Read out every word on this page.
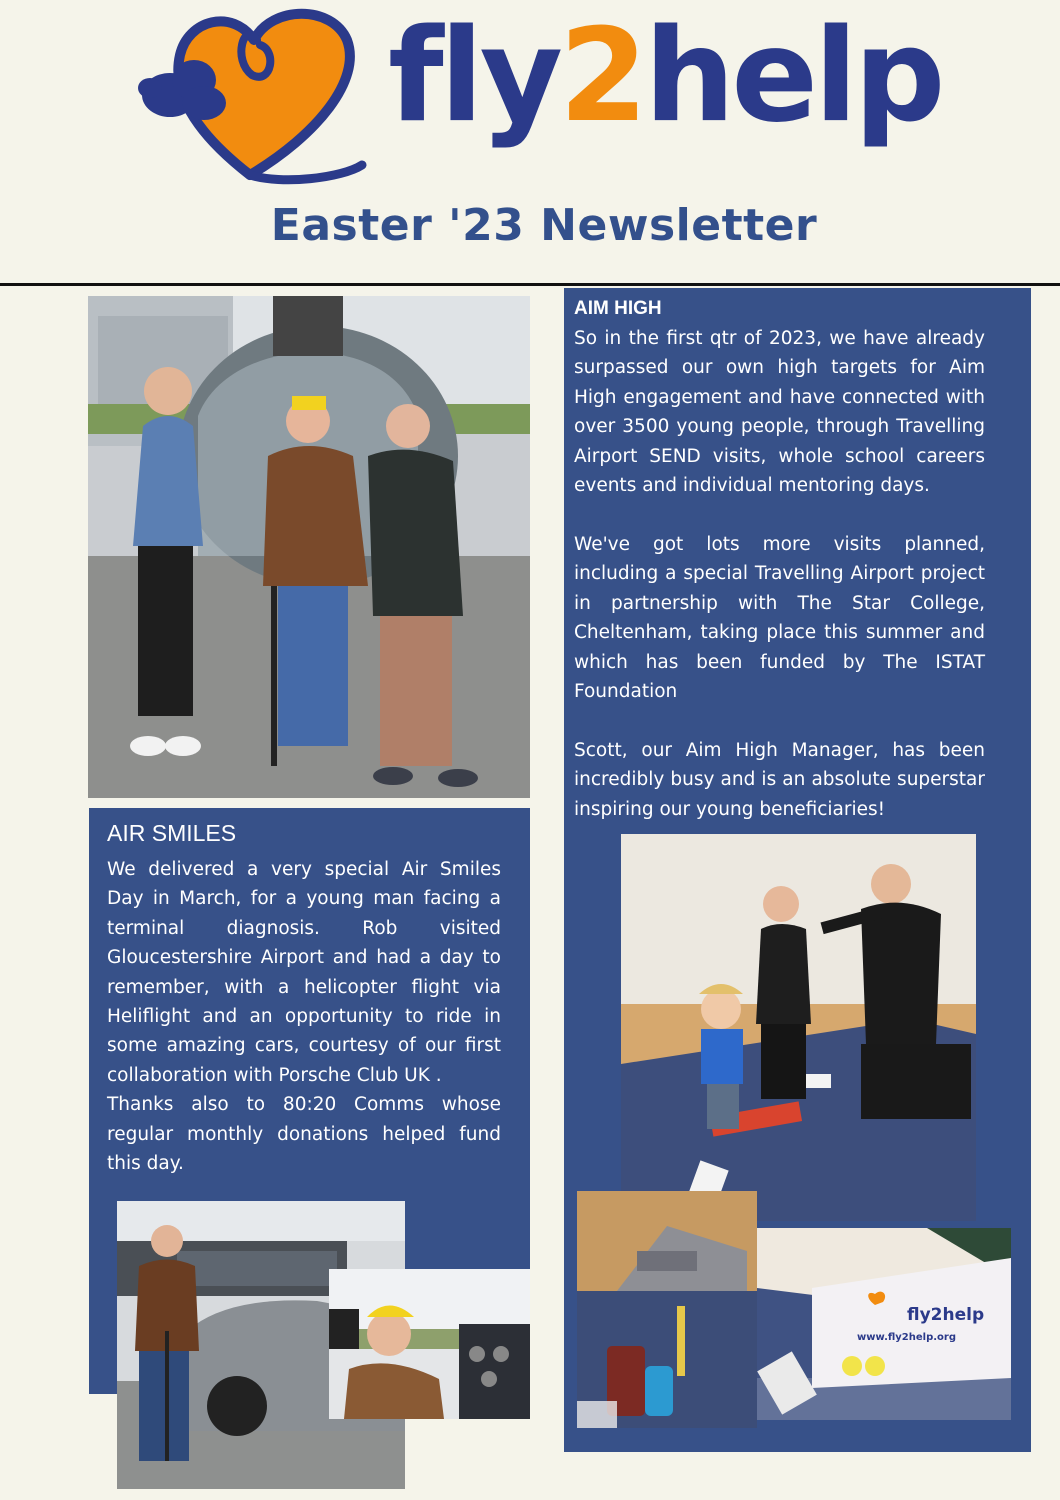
fly2help
Easter '23 Newsletter
AIM HIGH

So in the first qtr of 2023, we have already surpassed our own high targets for Aim High engagement and have connected with over 3500 young people, through Travelling Airport SEND visits, whole school careers events and individual mentoring days.

We've got lots more visits planned, including a special Travelling Airport project in partnership with The Star College, Cheltenham, taking place this summer and which has been funded by The ISTAT Foundation

Scott, our Aim High Manager, has been incredibly busy and is an absolute superstar inspiring our young beneficiaries!

AIR SMILES

We delivered a very special Air Smiles Day in March, for a young man facing a terminal diagnosis. Rob visited Gloucestershire Airport and had a day to remember, with a helicopter flight via Heliflight and an opportunity to ride in some amazing cars, courtesy of our first collaboration with Porsche Club UK .

Thanks also to 80:20 Comms whose regular monthly donations helped fund this day.

fly2help
www.fly2help.org
